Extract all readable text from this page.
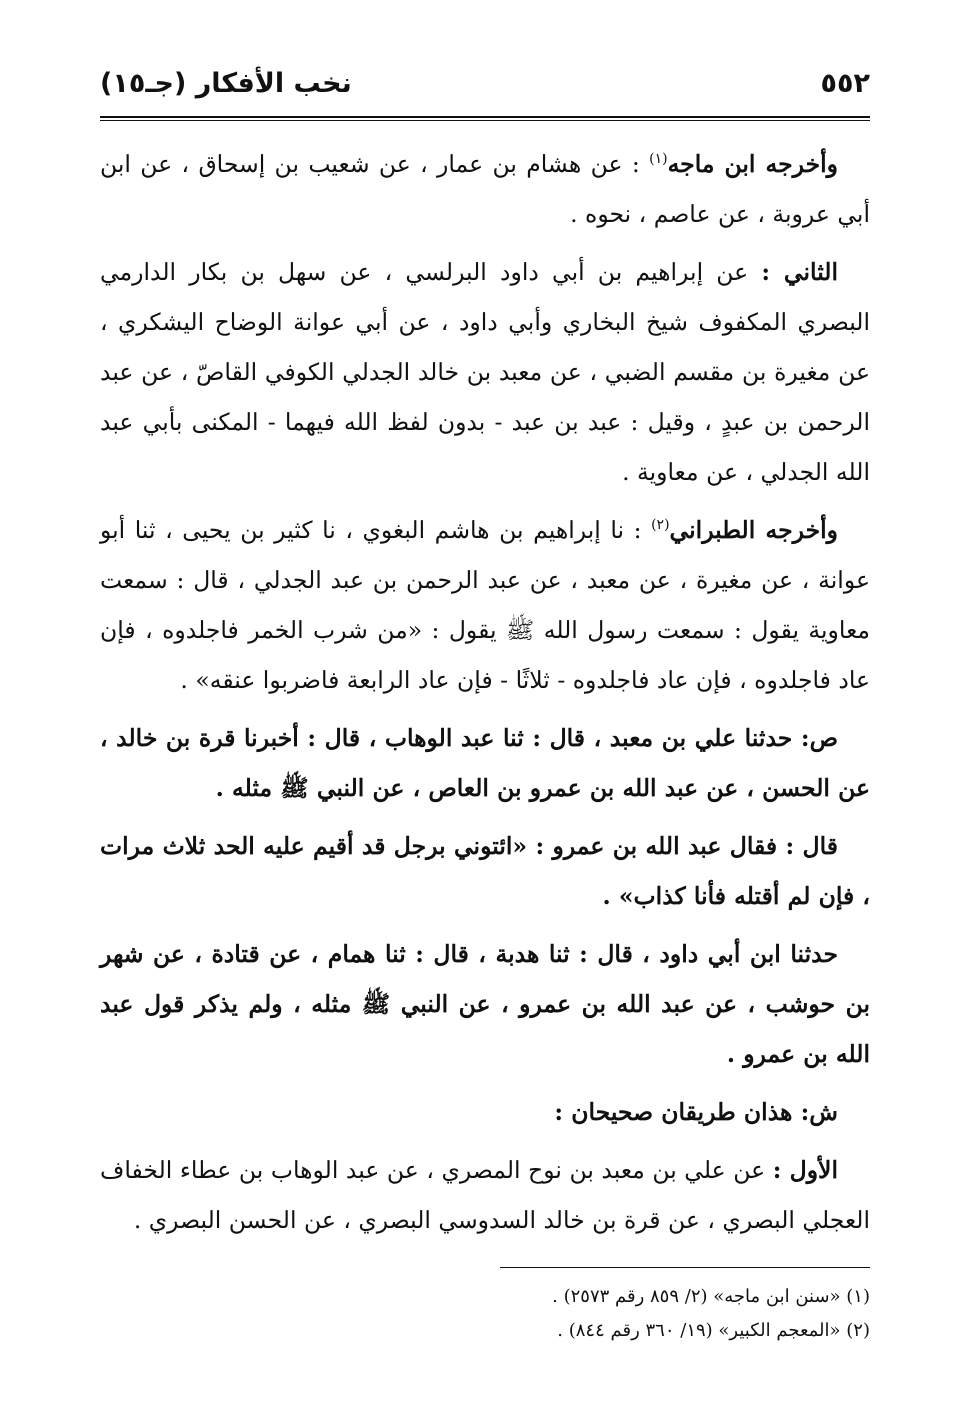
٥٥٢
نخب الأفكار (جـ١٥)

وأخرجه ابن ماجه$^{(١)}$ : عن هشام بن عمار ، عن شعيب بن إسحاق ، عن ابن أبي عروبة ، عن عاصم ، نحوه .

الثاني : عن إبراهيم بن أبي داود البرلسي ، عن سهل بن بكار الدارمي البصري المكفوف شيخ البخاري وأبي داود ، عن أبي عوانة الوضاح اليشكري ، عن مغيرة بن مقسم الضبي ، عن معبد بن خالد الجدلي الكوفي القاصّ ، عن عبد الرحمن بن عبدٍ ، وقيل : عبد بن عبد - بدون لفظ الله فيهما - المكنى بأبي عبد الله الجدلي ، عن معاوية .

وأخرجه الطبراني$^{(٢)}$ : نا إبراهيم بن هاشم البغوي ، نا كثير بن يحيى ، ثنا أبو عوانة ، عن مغيرة ، عن معبد ، عن عبد الرحمن بن عبد الجدلي ، قال : سمعت معاوية يقول : سمعت رسول الله ﷺ يقول : «من شرب الخمر فاجلدوه ، فإن عاد فاجلدوه ، فإن عاد فاجلدوه - ثلاثًا - فإن عاد الرابعة فاضربوا عنقه» .

ص: حدثنا علي بن معبد ، قال : ثنا عبد الوهاب ، قال : أخبرنا قرة بن خالد ، عن الحسن ، عن عبد الله بن عمرو بن العاص ، عن النبي ﷺ مثله .

قال : فقال عبد الله بن عمرو : «ائتوني برجل قد أقيم عليه الحد ثلاث مرات ، فإن لم أقتله فأنا كذاب» .

حدثنا ابن أبي داود ، قال : ثنا هدبة ، قال : ثنا همام ، عن قتادة ، عن شهر بن حوشب ، عن عبد الله بن عمرو ، عن النبي ﷺ مثله ، ولم يذكر قول عبد الله بن عمرو .

ش: هذان طريقان صحيحان :

الأول : عن علي بن معبد بن نوح المصري ، عن عبد الوهاب بن عطاء الخفاف العجلي البصري ، عن قرة بن خالد السدوسي البصري ، عن الحسن البصري .

(١) «سنن ابن ماجه» (٢/ ٨٥٩ رقم ٢٥٧٣) .

(٢) «المعجم الكبير» (١٩/ ٣٦٠ رقم ٨٤٤) .
